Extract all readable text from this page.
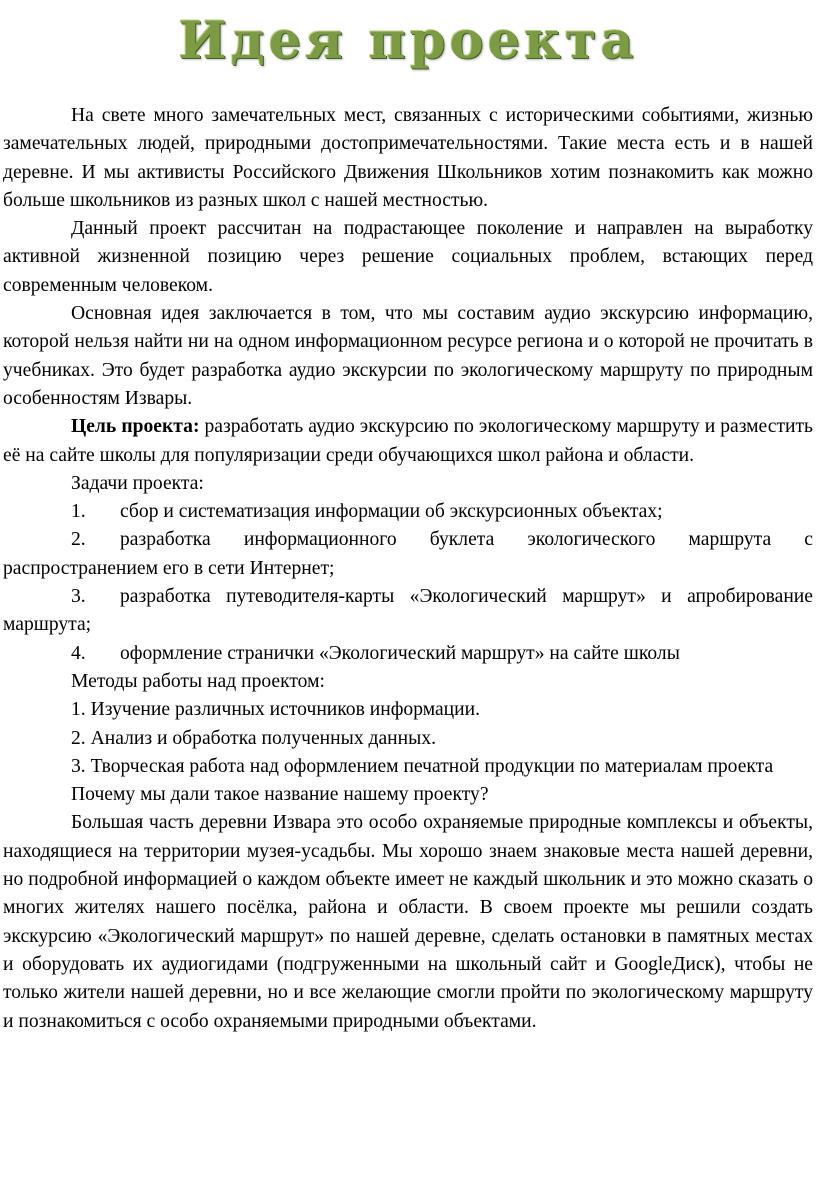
Идея проекта

На свете много замечательных мест, связанных с историческими событиями, жизнью замечательных людей, природными достопримечательностями. Такие места есть и в нашей деревне. И мы активисты Российского Движения Школьников хотим познакомить как можно больше школьников из разных школ с нашей местностью.

Данный проект рассчитан на подрастающее поколение и направлен на выработку активной жизненной позицию через решение социальных проблем, встающих перед современным человеком.

Основная идея заключается в том, что мы составим аудио экскурсию информацию, которой нельзя найти ни на одном информационном ресурсе региона и о которой не прочитать в учебниках. Это будет разработка аудио экскурсии по экологическому маршруту по природным особенностям Извары.

Цель проекта: разработать аудио экскурсию по экологическому маршруту и разместить её на сайте школы для популяризации среди обучающихся школ района и области.

Задачи проекта:

1. сбор и систематизация информации об экскурсионных объектах;

2. разработка информационного буклета экологического маршрута с распространением его в сети Интернет;

3. разработка путеводителя-карты «Экологический маршрут» и апробирование маршрута;

4. оформление странички «Экологический маршрут» на сайте школы

Методы работы над проектом:

1. Изучение различных источников информации.

2. Анализ и обработка полученных данных.

3. Творческая работа над оформлением печатной продукции по материалам проекта

Почему мы дали такое название нашему проекту?

Большая часть деревни Извара это особо охраняемые природные комплексы и объекты, находящиеся на территории музея-усадьбы. Мы хорошо знаем знаковые места нашей деревни, но подробной информацией о каждом объекте имеет не каждый школьник и это можно сказать о многих жителях нашего посёлка, района и области. В своем проекте мы решили создать экскурсию «Экологический маршрут» по нашей деревне, сделать остановки в памятных местах и оборудовать их аудиогидами (подгруженными на школьный сайт и GoogleДиск), чтобы не только жители нашей деревни, но и все желающие смогли пройти по экологическому маршруту и познакомиться с особо охраняемыми природными объектами.
